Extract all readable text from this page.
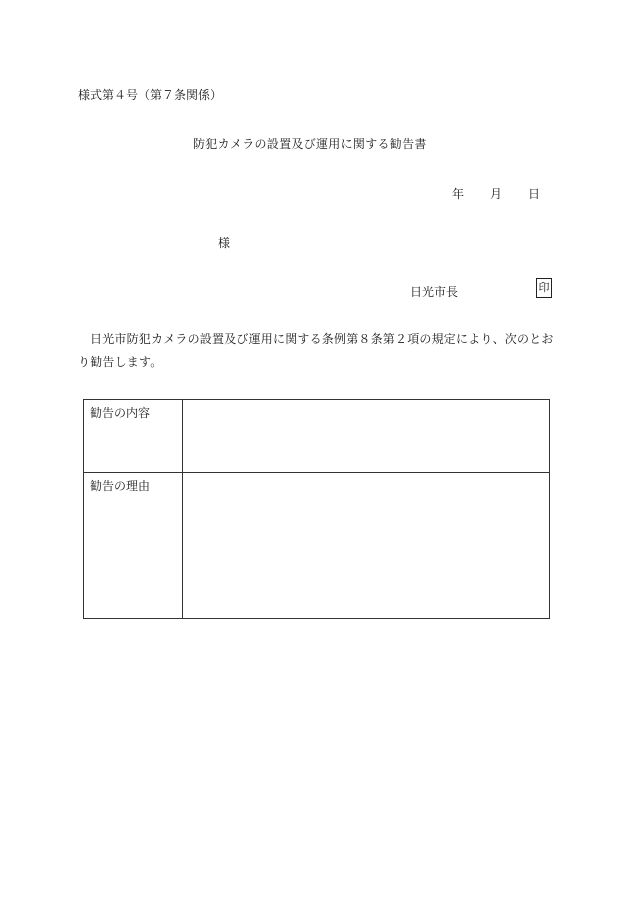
様式第４号（第７条関係）
防犯カメラの設置及び運用に関する勧告書
年 月 日
様
日光市長	印
日光市防犯カメラの設置及び運用に関する条例第８条第２項の規定により、次のとおり勧告します。
勧告の内容	
勧告の理由	
